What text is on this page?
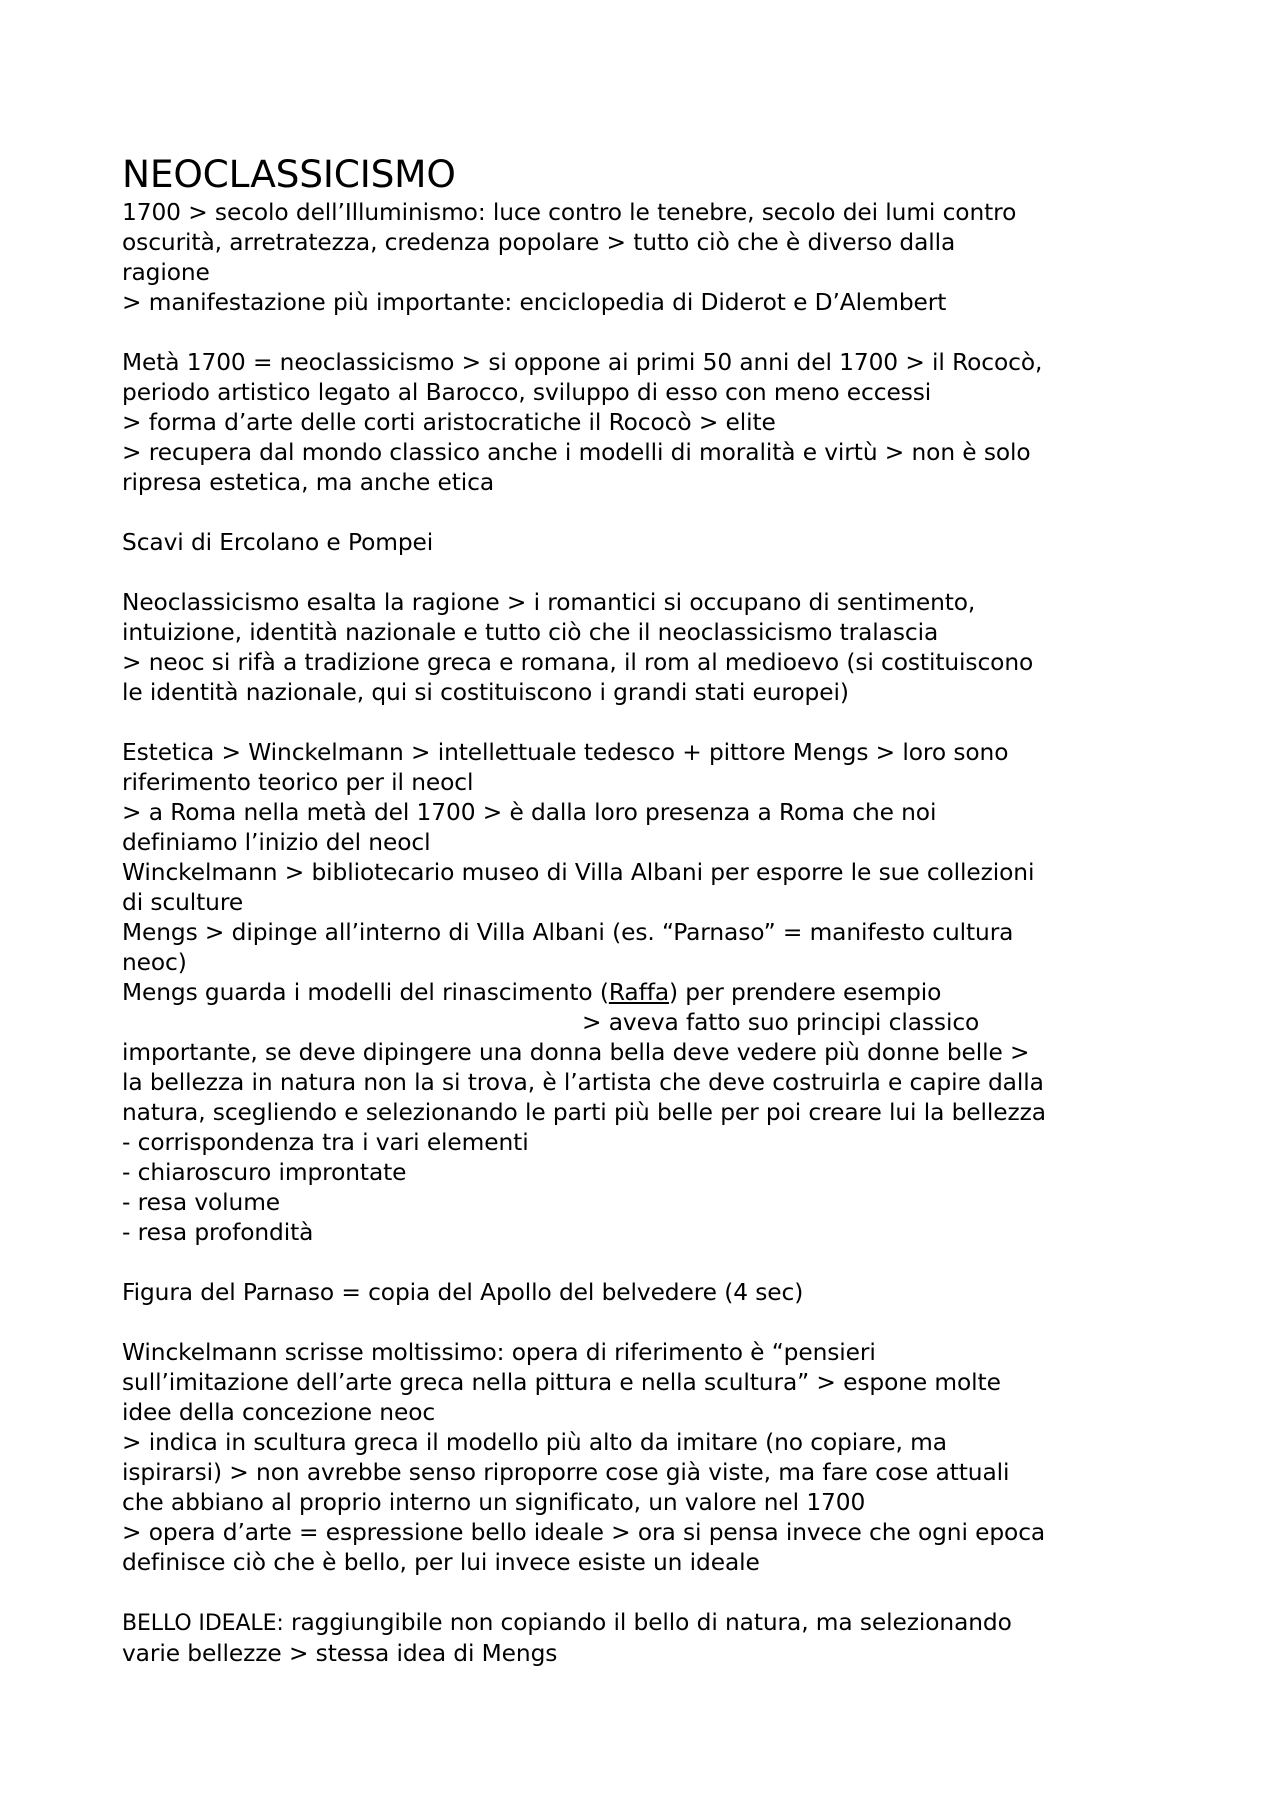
NEOCLASSICISMO
1700 > secolo dell’Illuminismo: luce contro le tenebre, secolo dei lumi contro
oscurità, arretratezza, credenza popolare > tutto ciò che è diverso dalla
ragione
> manifestazione più importante: enciclopedia di Diderot e D’Alembert
Metà 1700 = neoclassicismo > si oppone ai primi 50 anni del 1700 > il Rococò,
periodo artistico legato al Barocco, sviluppo di esso con meno eccessi
> forma d’arte delle corti aristocratiche il Rococò > elite
> recupera dal mondo classico anche i modelli di moralità e virtù > non è solo
ripresa estetica, ma anche etica
Scavi di Ercolano e Pompei
Neoclassicismo esalta la ragione > i romantici si occupano di sentimento,
intuizione, identità nazionale e tutto ciò che il neoclassicismo tralascia
> neoc si rifà a tradizione greca e romana, il rom al medioevo (si costituiscono
le identità nazionale, qui si costituiscono i grandi stati europei)
Estetica > Winckelmann > intellettuale tedesco + pittore Mengs > loro sono
riferimento teorico per il neocl
> a Roma nella metà del 1700 > è dalla loro presenza a Roma che noi
definiamo l’inizio del neocl
Winckelmann > bibliotecario museo di Villa Albani per esporre le sue collezioni
di sculture
Mengs > dipinge all’interno di Villa Albani (es. “Parnaso” = manifesto cultura
neoc)
Mengs guarda i modelli del rinascimento (Raffa) per prendere esempio
> aveva fatto suo principi classico
importante, se deve dipingere una donna bella deve vedere più donne belle >
la bellezza in natura non la si trova, è l’artista che deve costruirla e capire dalla
natura, scegliendo e selezionando le parti più belle per poi creare lui la bellezza
- corrispondenza tra i vari elementi
- chiaroscuro improntate
- resa volume
- resa profondità
Figura del Parnaso = copia del Apollo del belvedere (4 sec)
Winckelmann scrisse moltissimo: opera di riferimento è “pensieri
sull’imitazione dell’arte greca nella pittura e nella scultura” > espone molte
idee della concezione neoc
> indica in scultura greca il modello più alto da imitare (no copiare, ma
ispirarsi) > non avrebbe senso riproporre cose già viste, ma fare cose attuali
che abbiano al proprio interno un significato, un valore nel 1700
> opera d’arte = espressione bello ideale > ora si pensa invece che ogni epoca
definisce ciò che è bello, per lui invece esiste un ideale
BELLO IDEALE: raggiungibile non copiando il bello di natura, ma selezionando
varie bellezze > stessa idea di Mengs
